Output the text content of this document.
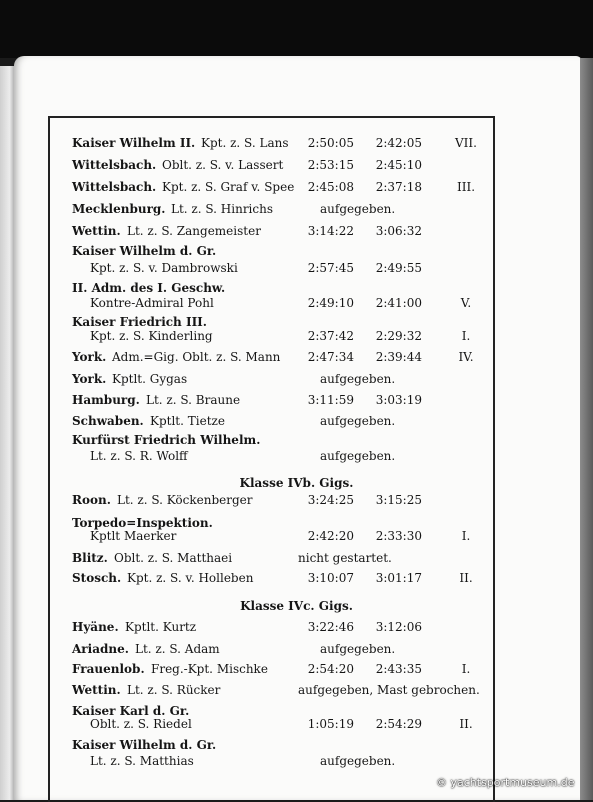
Kaiser Wilhelm II. Kpt. z. S. Lans	2:50:05	2:42:05	VII.
Wittelsbach. Oblt. z. S. v. Lassert	2:53:15	2:45:10
Wittelsbach. Kpt. z. S. Graf v. Spee	2:45:08	2:37:18	III.
Mecklenburg. Lt. z. S. Hinrichs	aufgegeben.
Wettin. Lt. z. S. Zangemeister	3:14:22	3:06:32
Kaiser Wilhelm d. Gr.
Kpt. z. S. v. Dambrowski	2:57:45	2:49:55
II. Adm. des I. Geschw.
Kontre-Admiral Pohl	2:49:10	2:41:00	V.
Kaiser Friedrich III.
Kpt. z. S. Kinderling	2:37:42	2:29:32	I.
York. Adm.=Gig. Oblt. z. S. Mann	2:47:34	2:39:44	IV.
York. Kptlt. Gygas	aufgegeben.
Hamburg. Lt. z. S. Braune	3:11:59	3:03:19
Schwaben. Kptlt. Tietze	aufgegeben.
Kurfürst Friedrich Wilhelm.
Lt. z. S. R. Wolff	aufgegeben.
Klasse IVb. Gigs.
Roon. Lt. z. S. Köckenberger	3:24:25	3:15:25
Torpedo=Inspektion.
Kptlt Maerker	2:42:20	2:33:30	I.
Blitz. Oblt. z. S. Matthaei	nicht gestartet.
Stosch. Kpt. z. S. v. Holleben	3:10:07	3:01:17	II.
Klasse IVc. Gigs.
Hyäne. Kptlt. Kurtz	3:22:46	3:12:06
Ariadne. Lt. z. S. Adam	aufgegeben.
Frauenlob. Freg.-Kpt. Mischke	2:54:20	2:43:35	I.
Wettin. Lt. z. S. Rücker	aufgegeben, Mast gebrochen.
Kaiser Karl d. Gr.
Oblt. z. S. Riedel	1:05:19	2:54:29	II.
Kaiser Wilhelm d. Gr.
Lt. z. S. Matthias	aufgegeben.
© yachtsportmuseum.de
